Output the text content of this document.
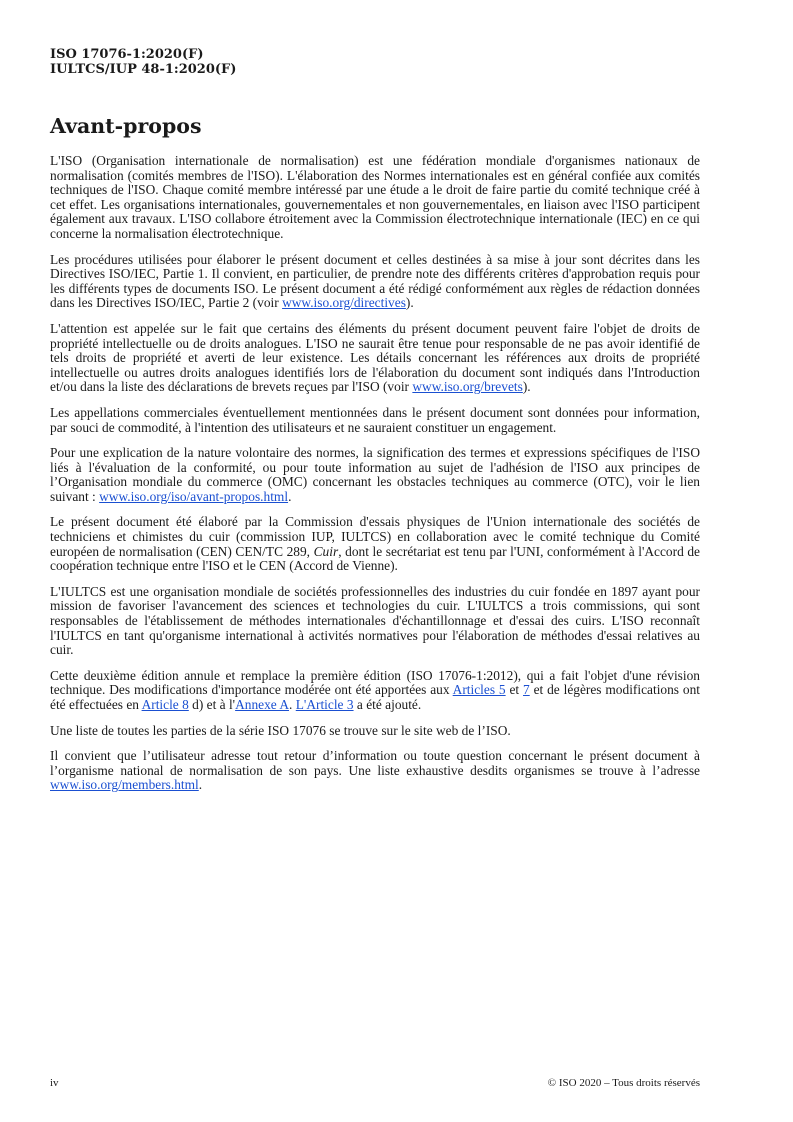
ISO 17076-1:2020(F)
IULTCS/IUP 48-1:2020(F)
Avant-propos

L'ISO (Organisation internationale de normalisation) est une fédération mondiale d'organismes nationaux de normalisation (comités membres de l'ISO). L'élaboration des Normes internationales est en général confiée aux comités techniques de l'ISO. Chaque comité membre intéressé par une étude a le droit de faire partie du comité technique créé à cet effet. Les organisations internationales, gouvernementales et non gouvernementales, en liaison avec l'ISO participent également aux travaux. L'ISO collabore étroitement avec la Commission électrotechnique internationale (IEC) en ce qui concerne la normalisation électrotechnique.

Les procédures utilisées pour élaborer le présent document et celles destinées à sa mise à jour sont décrites dans les Directives ISO/IEC, Partie 1. Il convient, en particulier, de prendre note des différents critères d'approbation requis pour les différents types de documents ISO. Le présent document a été rédigé conformément aux règles de rédaction données dans les Directives ISO/IEC, Partie 2 (voir www.iso.org/directives).

L'attention est appelée sur le fait que certains des éléments du présent document peuvent faire l'objet de droits de propriété intellectuelle ou de droits analogues. L'ISO ne saurait être tenue pour responsable de ne pas avoir identifié de tels droits de propriété et averti de leur existence. Les détails concernant les références aux droits de propriété intellectuelle ou autres droits analogues identifiés lors de l'élaboration du document sont indiqués dans l'Introduction et/ou dans la liste des déclarations de brevets reçues par l'ISO (voir www.iso.org/brevets).

Les appellations commerciales éventuellement mentionnées dans le présent document sont données pour information, par souci de commodité, à l'intention des utilisateurs et ne sauraient constituer un engagement.

Pour une explication de la nature volontaire des normes, la signification des termes et expressions spécifiques de l'ISO liés à l'évaluation de la conformité, ou pour toute information au sujet de l'adhésion de l'ISO aux principes de l’Organisation mondiale du commerce (OMC) concernant les obstacles techniques au commerce (OTC), voir le lien suivant : www.iso.org/iso/avant-propos.html.

Le présent document été élaboré par la Commission d'essais physiques de l'Union internationale des sociétés de techniciens et chimistes du cuir (commission IUP, IULTCS) en collaboration avec le comité technique du Comité européen de normalisation (CEN) CEN/TC 289, Cuir, dont le secrétariat est tenu par l'UNI, conformément à l'Accord de coopération technique entre l'ISO et le CEN (Accord de Vienne).

L'IULTCS est une organisation mondiale de sociétés professionnelles des industries du cuir fondée en 1897 ayant pour mission de favoriser l'avancement des sciences et technologies du cuir. L'IULTCS a trois commissions, qui sont responsables de l'établissement de méthodes internationales d'échantillonnage et d'essai des cuirs. L'ISO reconnaît l'IULTCS en tant qu'organisme international à activités normatives pour l'élaboration de méthodes d'essai relatives au cuir.

Cette deuxième édition annule et remplace la première édition (ISO 17076-1:2012), qui a fait l'objet d'une révision technique. Des modifications d'importance modérée ont été apportées aux Articles 5 et 7 et de légères modifications ont été effectuées en Article 8 d) et à l'Annexe A. L'Article 3 a été ajouté.

Une liste de toutes les parties de la série ISO 17076 se trouve sur le site web de l’ISO.

Il convient que l’utilisateur adresse tout retour d’information ou toute question concernant le présent document à l’organisme national de normalisation de son pays. Une liste exhaustive desdits organismes se trouve à l’adresse www.iso.org/members.html.

iv	© ISO 2020 – Tous droits réservés
